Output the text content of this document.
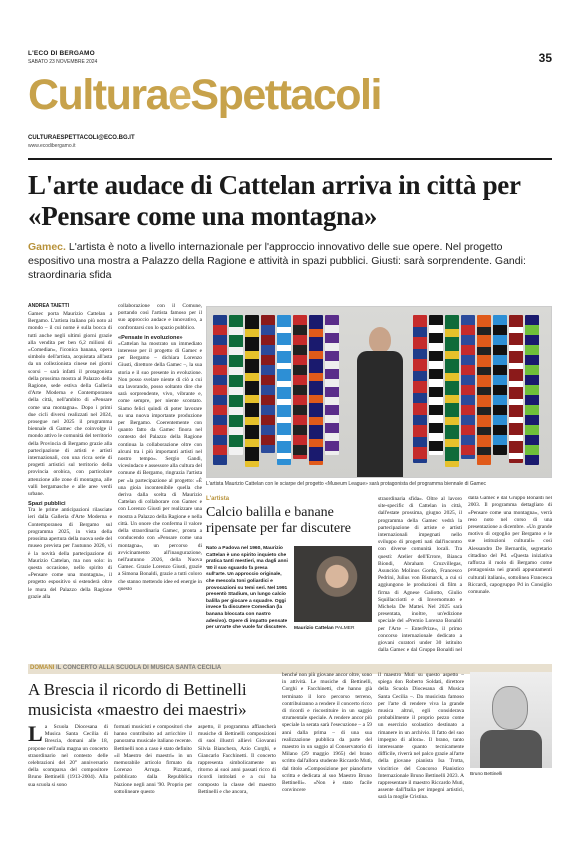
L'ECO DI BERGAMO
SABATO 23 NOVEMBRE 2024	35
CulturaeSpettacoli
CULTURAESPETTACOLI@ECO.BG.IT
www.ecodibergamo.it
L'arte audace di Cattelan arriva in città per «Pensare come una montagna»

Gamec. L'artista è noto a livello internazionale per l'approccio innovativo delle sue opere. Nel progetto espositivo una mostra a Palazzo della Ragione e attività in spazi pubblici. Giusti: sarà sorprendente. Gandi: straordinaria sfida

ANDREA TAIETTI

Gamec porta Maurizio Cattelan a Bergamo. L'artista italiano più noto al mondo – il cui nome è sulla bocca di tutti anche negli ultimi giorni grazie alla vendita per ben 6,2 milioni di «Comedian», l'iconica banana, opera simbolo dell'artista, acquistata all'asta da un collezionista cinese nei giorni scorsi – sarà infatti il protagonista della prossima mostra al Palazzo della Ragione, sede estiva della Galleria d'Arte Moderna e Contemporanea della città, nell'ambito di «Pensare come una montagna». Dopo i primi due cicli diversi realizzati nel 2024, prosegue nel 2025 il programma biennale di Gamec che coinvolge il mondo attivo le comunità del territorio della Provincia di Bergamo grazie alla partecipazione di artisti e artisti internazionali, con una ricca serie di progetti artistici sul territorio della provincia orobica, con particolare attenzione alle zone di montagna, alle valli bergamasche e alle aree verdi urbane.

Spazi pubblici

Tra le prime anticipazioni rilasciate ieri dalla Galleria d'Arte Moderna e Contemporanea di Bergamo sul programma 2025, in vista della prossima apertura della nuova sede del museo prevista per l'autunno 2026, vi è la novità della partecipazione di Maurizio Cattelan, ma non solo: in questa occasione, nello spirito di «Pensare come una montagna», il progetto espositivo si estenderà oltre le mura del Palazzo della Ragione grazie alla

collaborazione con il Comune, portando così l'artista famoso per il suo approccio audace e innovativo, a confrontarsi con lo spazio pubblico.

«Pensate in evoluzione»

«Cattelan ha mostrato un immediato interesse per il progetto di Gamec e per Bergamo – dichiara Lorenzo Giusti, direttore della Gamec –, la sua storia e il suo presente in evoluzione. Non posso svelare niente di ciò a cui sta lavorando, posso soltanto dire che sarà sorprendente, vivo, vibrante e, come sempre, per niente scontato. Siamo felici quindi di poter lavorare su una nuova importante produzione per Bergamo. Coerentemente con quanto fatto da Gamec finora nel contesto del Palazzo della Ragione continua la collaborazione oltre con alcuni tra i più importanti artisti nel nostro tempo». Sergio Gandi, vicesindaco e assessore alla cultura del comune di Bergamo, ringrazia l'artista per «la partecipazione al progetto: «È una gioia incontenibile quella che deriva dalla scelta di Maurizio Cattelan di collaborare con Gamec e con Lorenzo Giusti per realizzare una mostra a Palazzo della Ragione e nella città. Un onore che conferma il valore della straordinaria Gamec, pronta a conducendo con «Pensare come una montagna», un percorso di avvicinamento all'inaugurazione, nell'autunno 2026, della Nuova Gamec. Grazie Lorenzo Giusti, grazie a Simona Bonaldi, grazie a tutti coloro che stanno mettendo idee ed energie in questo

L'artista Maurizio Cattelan con le sciarpe del progetto «Museum League» sarà protagonista del programma biennale di Gamec
L'artista
Calcio balilla e banane ripensate per far discutere
Nato a Padova nel 1960, Maurizio Cattelan è uno spirito inquieto che pratica tanti mestieri, ma dagli anni '80 il suo sguardo fa presa sull'arte. Un approccio originale, che mescola toni goliardici e provocazioni su temi seri. Nel 1991 presentò Stadium, un lungo calcio balilla per giocare a squadre. Oggi invece fa discutere Comedian (la banana bloccata con nastro adesivo). Opere di impatto pensate per un'arte che vuole far discutere. Maurizio Cattelan PALMER

straordinaria sfida». Oltre al lavoro site-specific di Cattelan in città, dall'estate prossima, giugno 2025, il programma della Gamec vedrà la partecipazione di artiste e artisti internazionali impegnati nello sviluppo di progetti nati dall'incontro con diverse comunità locali. Tra questi: Atelier dell'Errore, Bianca Biondi, Abraham Cruzvillegas, Asunción Molinos Gordo, Francesco Pedrini, Julius von Bismarck, a cui si aggiungono le produzioni di film a firma di Agnese Galiotto, Giulio Squillacciotti e di Invernomuto e Michela De Mattei. Nel 2025 sarà presentata, inoltre, un'edizione speciale del «Premio Lorenzo Bonaldi per l'Arte – EnterPrize», il primo concorso internazionale dedicato a giovani curatori under 30 istituito dalla Gamec e dal Gruppo Bonaldi nel

dalla Gamec e dal Gruppo Bonaldi nel 2003. Il programma dettagliato di «Pensare come una montagna», verrà reso noto nel corso di una presentazione a dicembre. «Un grande motivo di orgoglio per Bergamo e le sue istituzioni culturali» così Alessandro De Bernardis, segretario cittadino del Pd. «Questa iniziativa rafforza il ruolo di Bergamo come protagonista nei grandi appuntamenti culturali italiani», sottolinea Francesca Riccardi, capogruppo Pd in Consiglio comunale.

DOMANI IL CONCERTO ALLA SCUOLA DI MUSICA SANTA CECILIA
A Brescia il ricordo di Bettinelli musicista «maestro dei maestri»
L a Scuola Diocesana di Musica Santa Cecilia di Brescia, domani alle 18, propone nell'aula magna un concerto straordinario nel contesto delle celebrazioni del 20° anniversario della scomparsa del compositore Bruno Bettinelli (1913-2004). Alla sua scuola si sono

formati musicisti e compositori che hanno contribuito ad arricchire il panorama musicale italiano recente. Bettinelli non a caso è stato definito «il Maestro dei maestri» in un memorabile articolo firmato da Lorenzo Arruga. Pizzanti, pubblicato dalla Repubblica Nazione negli anni '90. Proprio per sottolineare questo

aspetto, il programma affiancherà musiche di Bettinelli composizioni di suoi illustri allievi Giovanni Silvia Bianchera, Azio Corghi, e Giancarlo Facchinetti. Il concerto rappresenta simbolicamente un ritorno ai suoi anni passati ricco di ricordi intitolati e a cui ha composto la classe del maestro Bettinelli e che ancora,

benché non più giovane ancor oltre, sono in attività. Le musiche di Bettinelli, Corghi e Facchinetti, che hanno già terminato il loro percorso terreno, contribuiranno a rendere il concerto ricco di ricordi e riscostituire in un saggio strumentale speciale. A rendere ancor più speciale la serata sarà l'esecuzione – a 59 anni dalla prima – di una sua realizzazione pubblica da parte del maestro in un saggio al Conservatorio di Milano (29 maggio 1965) del brano scritto dall'allora studente Riccardo Muti, dal titolo «Composizione per pianoforte scritta e dedicata al suo Maestro Bruno Bettinelli». «Non è stato facile convincere

il maestro Muti su questo aspetto – spiega don Roberto Soldati, direttore della Scuola Diocesana di Musica Santa Cecilia –. Da musicista famoso per l'arte di rendere viva la grande musica altrui, egli considerava probabilmente il proprio pezzo come un esercizio scolastico destinato a rimanere in un archivio. Il fatto del suo impegno di allora». Il brano, tanto interessante quanto tecnicamente difficile, riverrà nel palco grazie all'arte della giovane pianista Isa Trotta, vincitrice del Concorso Pianistico Internazionale Bruno Bettinelli 2023. A rappresentare il maestro Riccardo Muti, assente dall'Italia per impegni artistici, sarà la moglie Cristina.

Bruno Bettinelli
